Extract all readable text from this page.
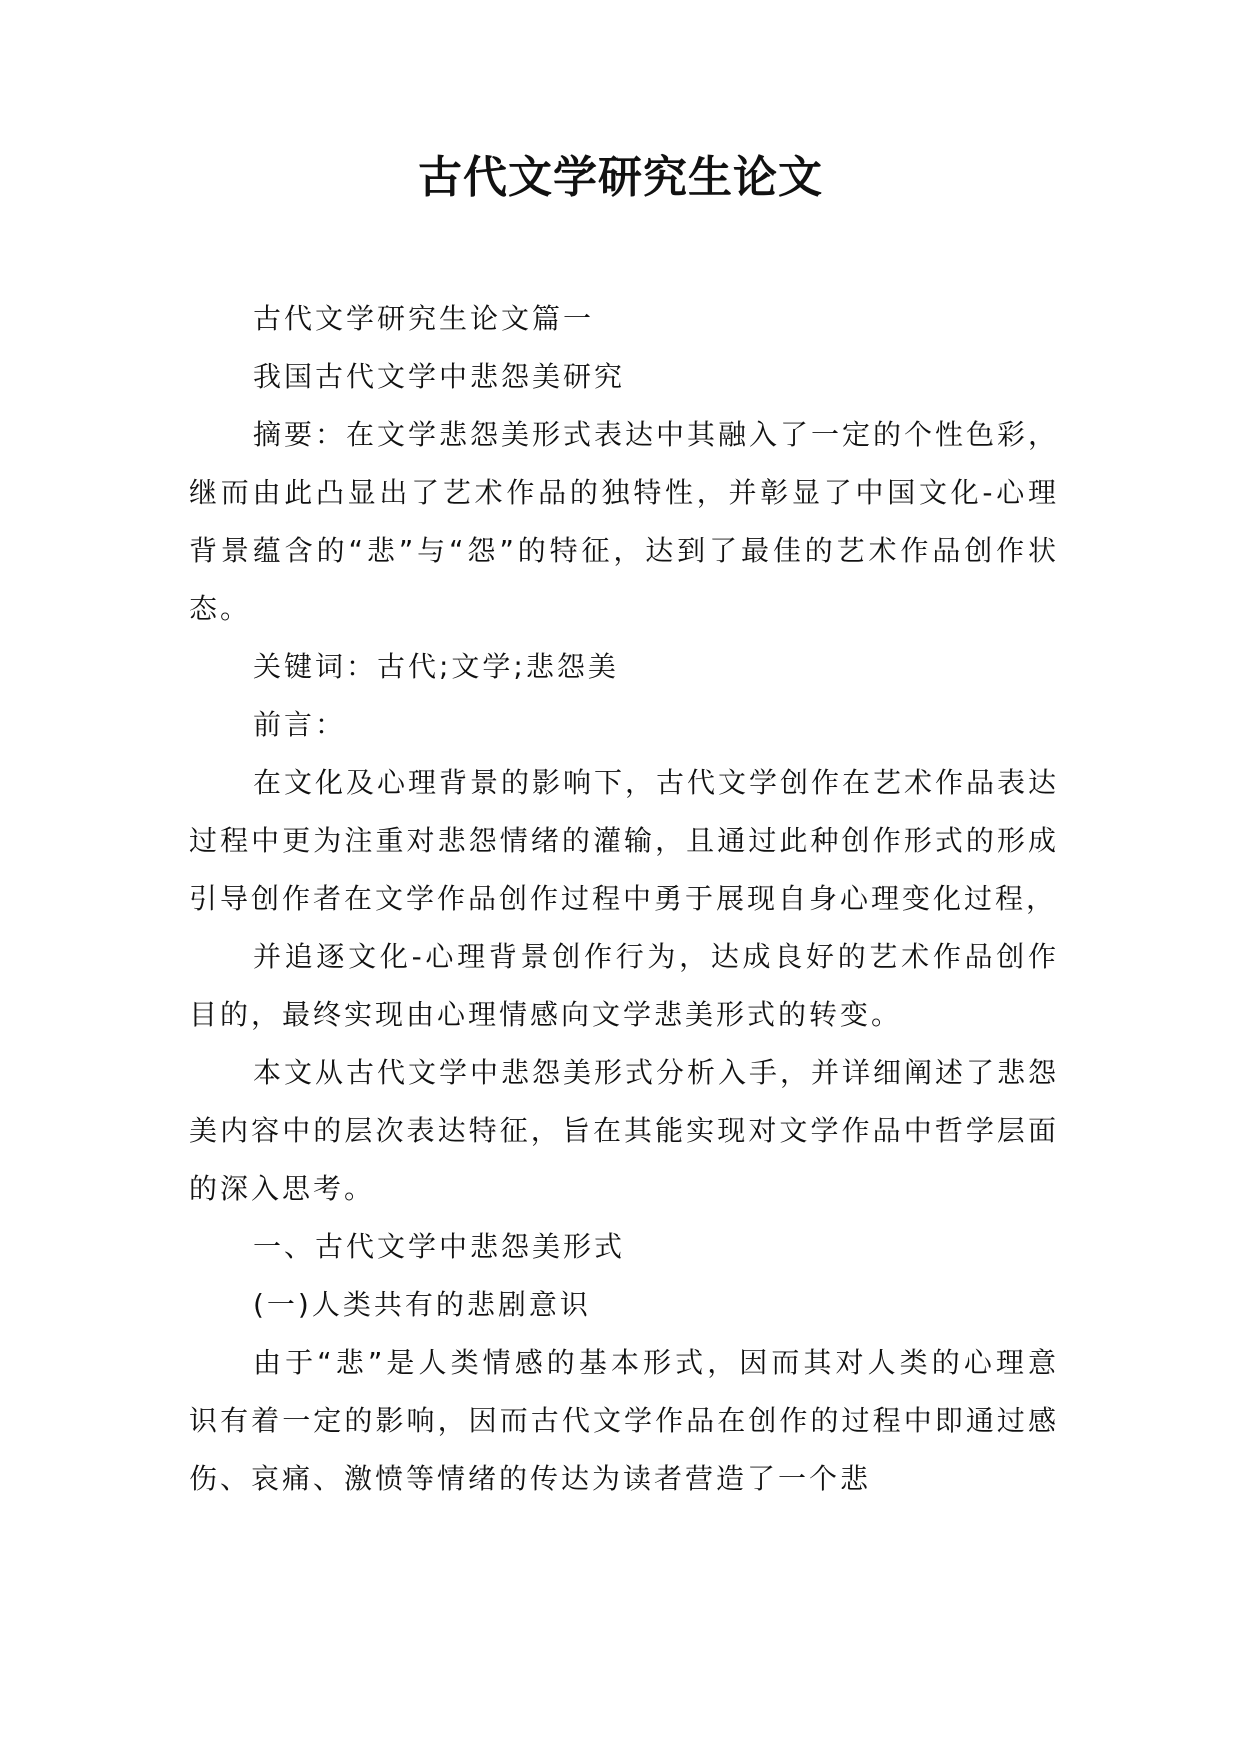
古代文学研究生论文

古代文学研究生论文篇一

我国古代文学中悲怨美研究

摘要：在文学悲怨美形式表达中其融入了一定的个性色彩，继而由此凸显出了艺术作品的独特性，并彰显了中国文化-心理背景蕴含的“悲”与“怨”的特征，达到了最佳的艺术作品创作状态。

关键词：古代;文学;悲怨美

前言：

在文化及心理背景的影响下，古代文学创作在艺术作品表达过程中更为注重对悲怨情绪的灌输，且通过此种创作形式的形成引导创作者在文学作品创作过程中勇于展现自身心理变化过程，

并追逐文化-心理背景创作行为，达成良好的艺术作品创作目的，最终实现由心理情感向文学悲美形式的转变。

本文从古代文学中悲怨美形式分析入手，并详细阐述了悲怨美内容中的层次表达特征，旨在其能实现对文学作品中哲学层面的深入思考。

一、古代文学中悲怨美形式

(一)人类共有的悲剧意识

由于“悲”是人类情感的基本形式，因而其对人类的心理意识有着一定的影响，因而古代文学作品在创作的过程中即通过感伤、哀痛、激愤等情绪的传达为读者营造了一个悲
